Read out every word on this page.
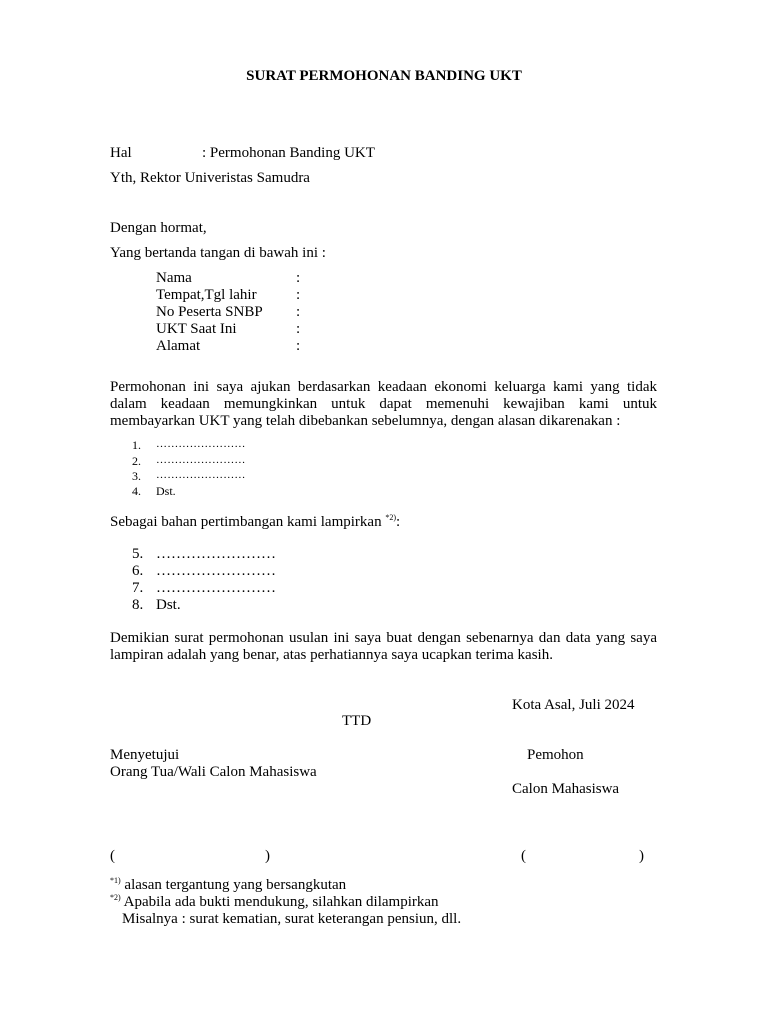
SURAT PERMOHONAN BANDING UKT
Hal	: Permohonan Banding UKT
Yth, Rektor Univeristas Samudra
Dengan hormat,
Yang bertanda tangan di bawah ini :
Nama	:
Tempat,Tgl lahir	:
No Peserta SNBP :
UKT Saat Ini	:
Alamat	:
Permohonan ini saya ajukan berdasarkan keadaan ekonomi keluarga kami yang tidak
dalam keadaan memungkinkan untuk dapat memenuhi kewajiban kami untuk
membayarkan UKT yang telah dibebankan sebelumnya, dengan alasan dikarenakan :
1. ……………………
2. ……………………
3. ……………………
4. Dst.
Sebagai bahan pertimbangan kami lampirkan $^{*2)}$:
5. ……………………
6. ……………………
7. ……………………
8. Dst.
Demikian surat permohonan usulan ini saya buat dengan sebenarnya dan data yang saya
lampiran adalah yang benar, atas perhatiannya saya ucapkan terima kasih.
Kota Asal, Juli 2024
TTD
Menyetujui
Orang Tua/Wali Calon Mahasiswa
Pemohon
Calon Mahasiswa
(	)	(	)
$^{*1)}$ alasan tergantung yang bersangkutan
$^{*2)}$ Apabila ada bukti mendukung, silahkan dilampirkan
Misalnya : surat kematian, surat keterangan pensiun, dll.
